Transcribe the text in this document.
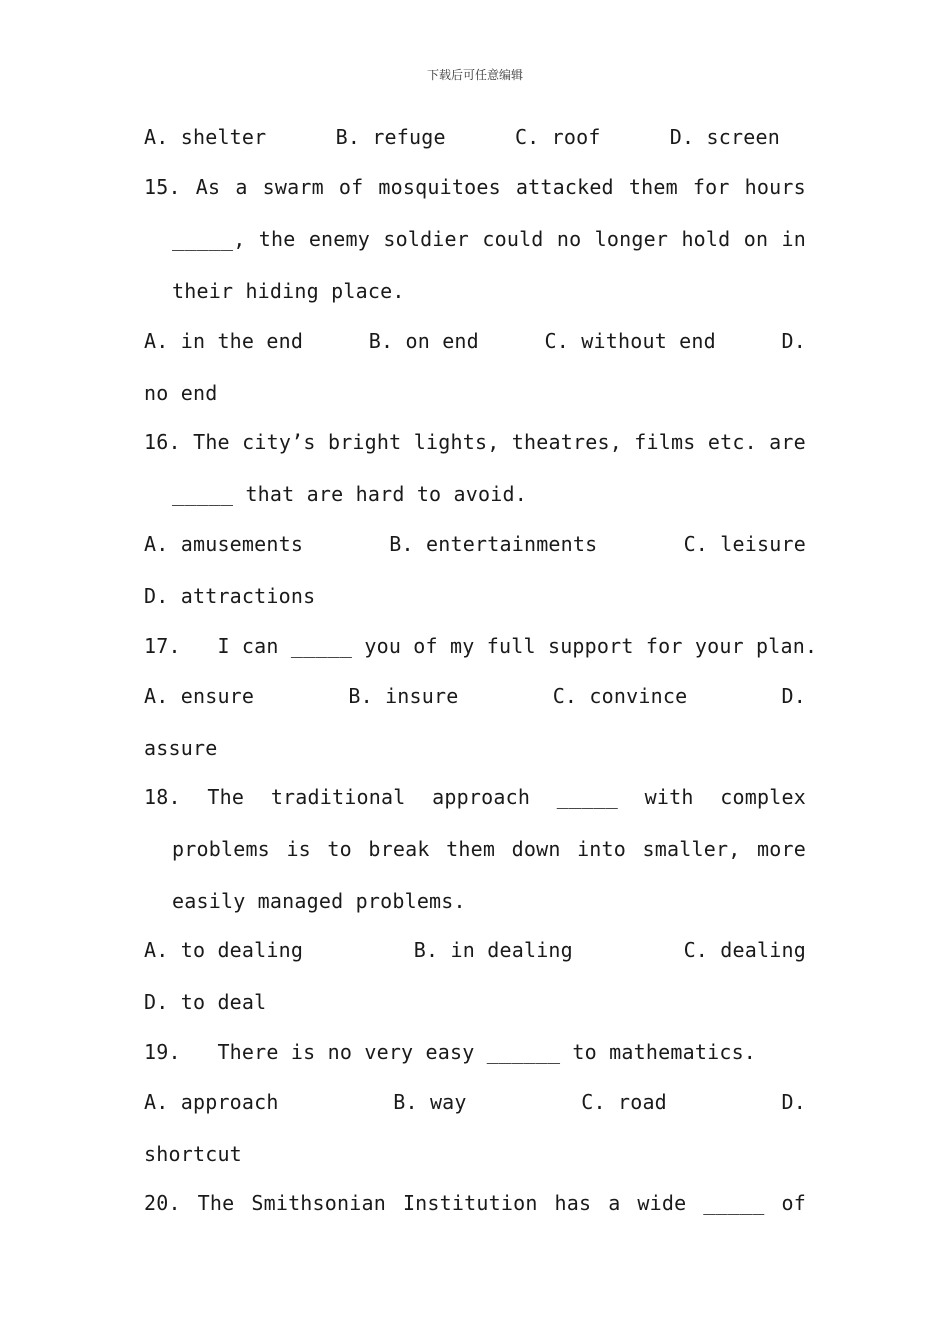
下载后可任意编辑
A. shelter	B. refuge	C. roof	D. screen
15. As a swarm of mosquitoes attacked them for hours
_____, the enemy soldier could no longer hold on in
their hiding place.
A. in the end	B. on end	C. without end	D.
no end
16. The city’s bright lights, theatres, films etc. are
_____ that are hard to avoid.
A. amusements	B. entertainments	C. leisure
D. attractions
17.   I can _____ you of my full support for your plan.
A. ensure	B. insure	C. convince	D.
assure
18. The traditional approach _____ with complex
problems is to break them down into smaller, more
easily managed problems.
A. to dealing	B. in dealing	C. dealing
D. to deal
19.   There is no very easy ______ to mathematics.
A. approach	B. way	C. road	D.
shortcut
20. The Smithsonian Institution has a wide _____ of
